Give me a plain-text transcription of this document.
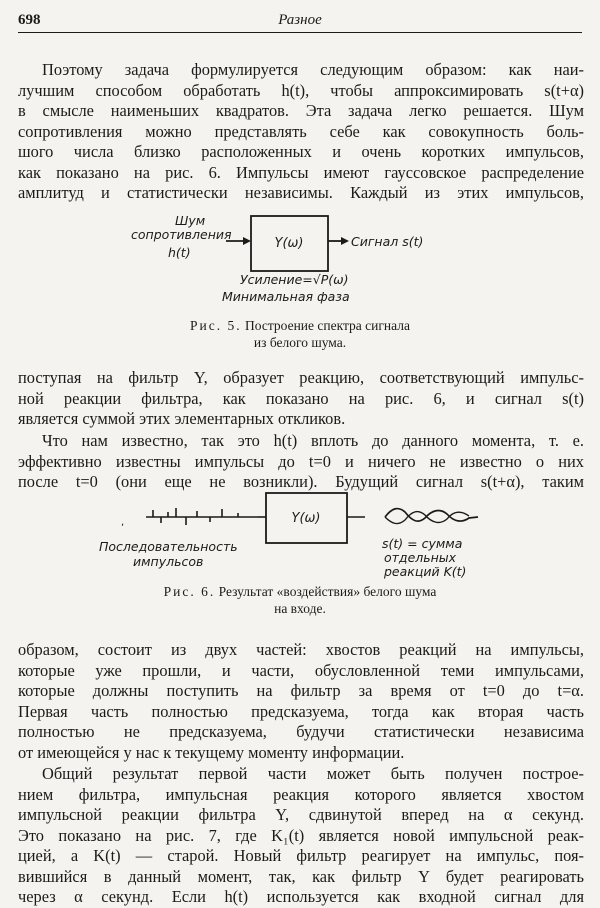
698	Разное

Поэтому задача формулируется следующим образом: как наи-
лучшим способом обработать h(t), чтобы аппроксимировать s(t+α)
в смысле наименьших квадратов. Эта задача легко решается. Шум
сопротивления можно представлять себе как совокупность боль-
шого числа близко расположенных и очень коротких импульсов,
как показано на рис. 6. Импульсы имеют гауссовское распределение
амплитуд и статистически независимы. Каждый из этих импульсов,

Шум
сопротивления
h(t)
Y(ω)	Сигнал s(t)
Усиление=√P(ω)
Минимальная фаза
Рис. 5. Построение спектра сигнала
из белого шума.

поступая на фильтр Y, образует реакцию, соответствующий импульс-
ной реакции фильтра, как показано на рис. 6, и сигнал s(t)
является суммой этих элементарных откликов.

Что нам известно, так это h(t) вплоть до данного момента, т. е.
эффективно известны импульсы до t=0 и ничего не известно о них
после t=0 (они еще не возникли). Будущий сигнал s(t+α), таким

,	Y(ω)
Последовательность
импульсов
s(t) = сумма
отдельных
реакций K(t)
Рис. 6. Результат «воздействия» белого шума
на входе.

образом, состоит из двух частей: хвостов реакций на импульсы,
которые уже прошли, и части, обусловленной теми импульсами,
которые должны поступить на фильтр за время от t=0 до t=α.
Первая часть полностью предсказуема, тогда как вторая часть
полностью не предсказуема, будучи статистически независима
от имеющейся у нас к текущему моменту информации.

Общий результат первой части может быть получен построе-
нием фильтра, импульсная реакция которого является хвостом
импульсной реакции фильтра Y, сдвинутой вперед на α секунд.
Это показано на рис. 7, где K₁(t) является новой импульсной реак-
цией, а K(t) — старой. Новый фильтр реагирует на импульс, поя-
вившийся в данный момент, так, как фильтр Y будет реагировать
через α секунд. Если h(t) используется как входной сигнал для
